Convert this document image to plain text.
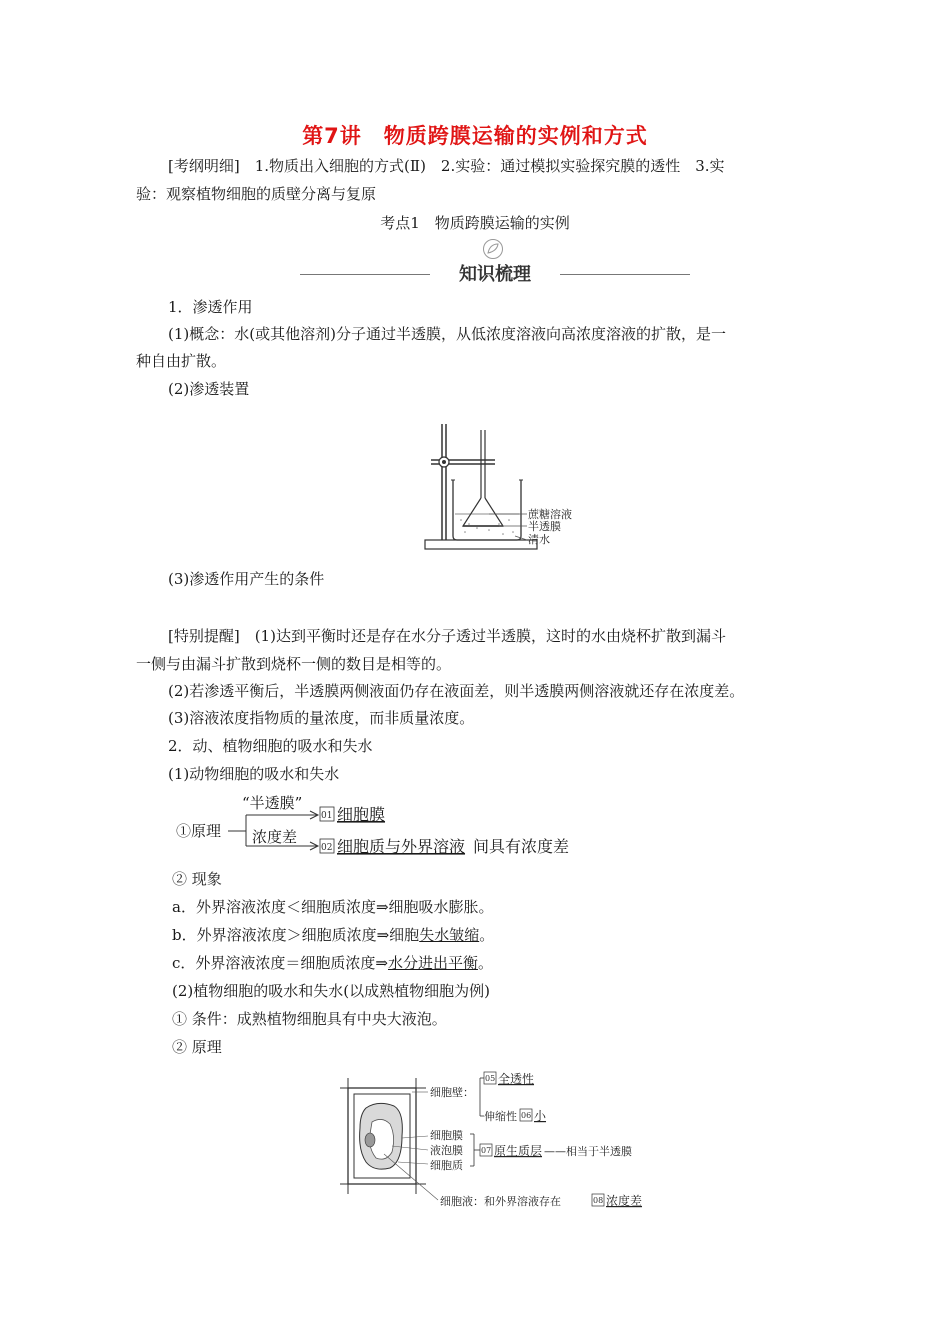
第7讲　物质跨膜运输的实例和方式
[考纲明细]　1.物质出入细胞的方式(Ⅱ)　2.实验：通过模拟实验探究膜的透性　3.实
验：观察植物细胞的质壁分离与复原
考点1　物质跨膜运输的实例
知识梳理
1．渗透作用
(1)概念：水(或其他溶剂)分子通过半透膜，从低浓度溶液向高浓度溶液的扩散，是一
种自由扩散。
(2)渗透装置
蔗糖溶液
半透膜
清水
(3)渗透作用产生的条件
[特别提醒]　(1)达到平衡时还是存在水分子透过半透膜，这时的水由烧杯扩散到漏斗
一侧与由漏斗扩散到烧杯一侧的数目是相等的。
(2)若渗透平衡后，半透膜两侧液面仍存在液面差，则半透膜两侧溶液就还存在浓度差。
(3)溶液浓度指物质的量浓度，而非质量浓度。
2．动、植物细胞的吸水和失水
(1)动物细胞的吸水和失水
①原理
“半透膜”
浓度差
01 细胞膜
02 细胞质与外界溶液 间具有浓度差
② 现象
a．外界溶液浓度＜细胞质浓度⇒细胞吸水膨胀。
b．外界溶液浓度＞细胞质浓度⇒细胞失水皱缩。
c．外界溶液浓度＝细胞质浓度⇒水分进出平衡。
(2)植物细胞的吸水和失水(以成熟植物细胞为例)
① 条件：成熟植物细胞具有中央大液泡。
② 原理
细胞壁：
05 全透性
伸缩性 06 小
细胞膜
液泡膜
细胞质
07 原生质层 ——相当于半透膜
细胞液：和外界溶液存在	08 浓度差
